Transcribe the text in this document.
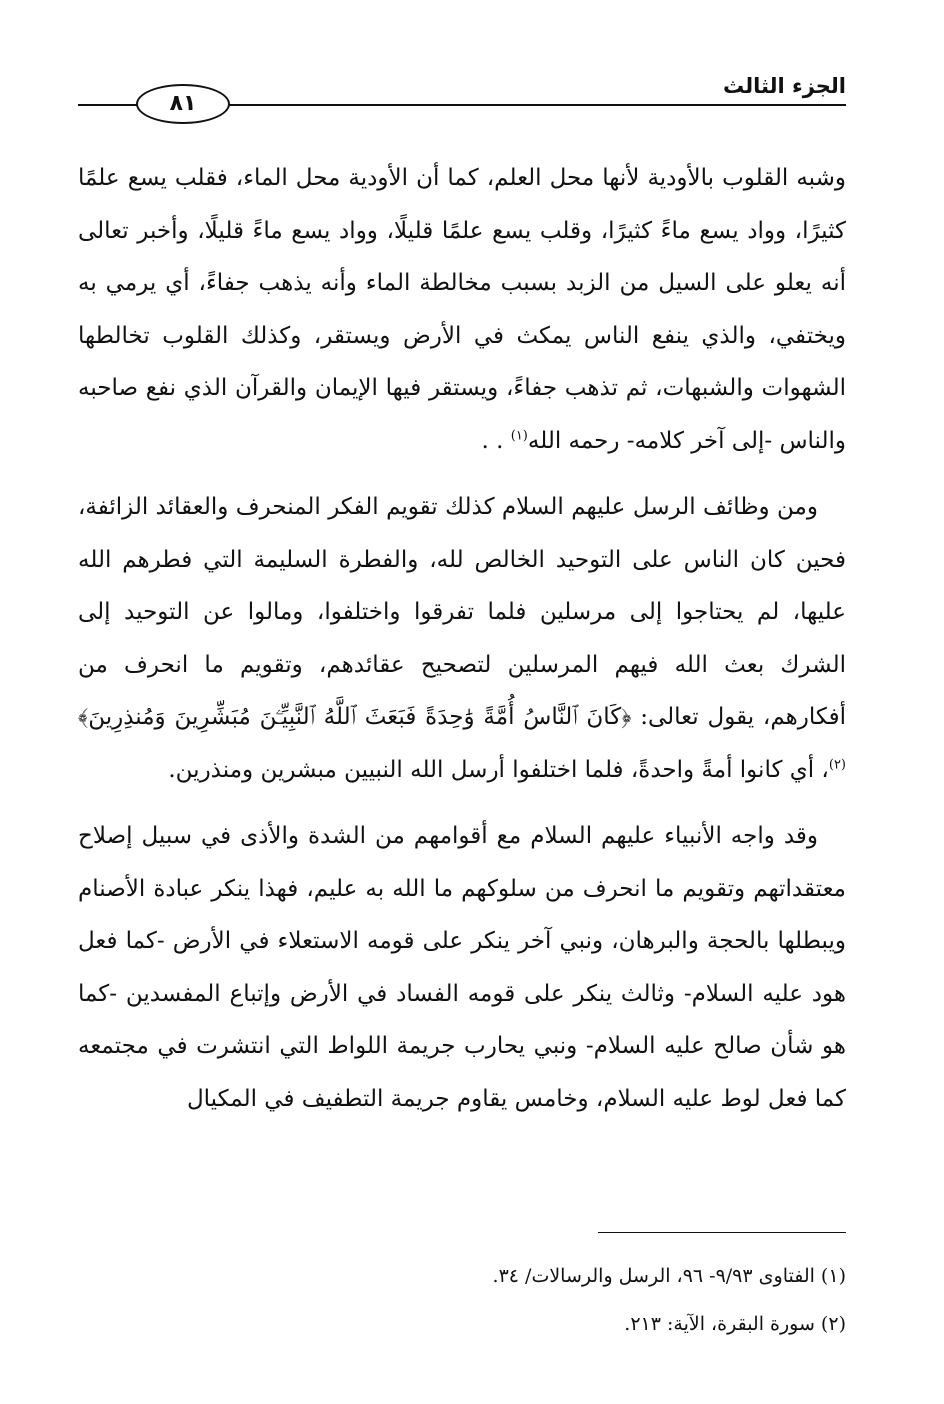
الجزء الثالث
٨١

وشبه القلوب بالأودية لأنها محل العلم، كما أن الأودية محل الماء، فقلب يسع علمًا كثيرًا، وواد يسع ماءً كثيرًا، وقلب يسع علمًا قليلًا، وواد يسع ماءً قليلًا، وأخبر تعالى أنه يعلو على السيل من الزبد بسبب مخالطة الماء وأنه يذهب جفاءً، أي يرمي به ويختفي، والذي ينفع الناس يمكث في الأرض ويستقر، وكذلك القلوب تخالطها الشهوات والشبهات، ثم تذهب جفاءً، ويستقر فيها الإيمان والقرآن الذي نفع صاحبه والناس -إلى آخر كلامه- رحمه الله$^{(١)}$ . .

ومن وظائف الرسل عليهم السلام كذلك تقويم الفكر المنحرف والعقائد الزائفة، فحين كان الناس على التوحيد الخالص لله، والفطرة السليمة التي فطرهم الله عليها، لم يحتاجوا إلى مرسلين فلما تفرقوا واختلفوا، ومالوا عن التوحيد إلى الشرك بعث الله فيهم المرسلين لتصحيح عقائدهم، وتقويم ما انحرف من أفكارهم، يقول تعالى: ﴿كَانَ ٱلنَّاسُ أُمَّةً وَٰحِدَةً فَبَعَثَ ٱللَّهُ ٱلنَّبِيِّـۧنَ مُبَشِّرِينَ وَمُنذِرِينَ﴾$^{(٢)}$، أي كانوا أمةً واحدةً، فلما اختلفوا أرسل الله النبيين مبشرين ومنذرين.

وقد واجه الأنبياء عليهم السلام مع أقوامهم من الشدة والأذى في سبيل إصلاح معتقداتهم وتقويم ما انحرف من سلوكهم ما الله به عليم، فهذا ينكر عبادة الأصنام ويبطلها بالحجة والبرهان، ونبي آخر ينكر على قومه الاستعلاء في الأرض -كما فعل هود عليه السلام- وثالث ينكر على قومه الفساد في الأرض وإتباع المفسدين -كما هو شأن صالح عليه السلام- ونبي يحارب جريمة اللواط التي انتشرت في مجتمعه كما فعل لوط عليه السلام، وخامس يقاوم جريمة التطفيف في المكيال

(١) الفتاوى ٩/٩٣- ٩٦، الرسل والرسالات/ ٣٤.
(٢) سورة البقرة، الآية: ٢١٣.
